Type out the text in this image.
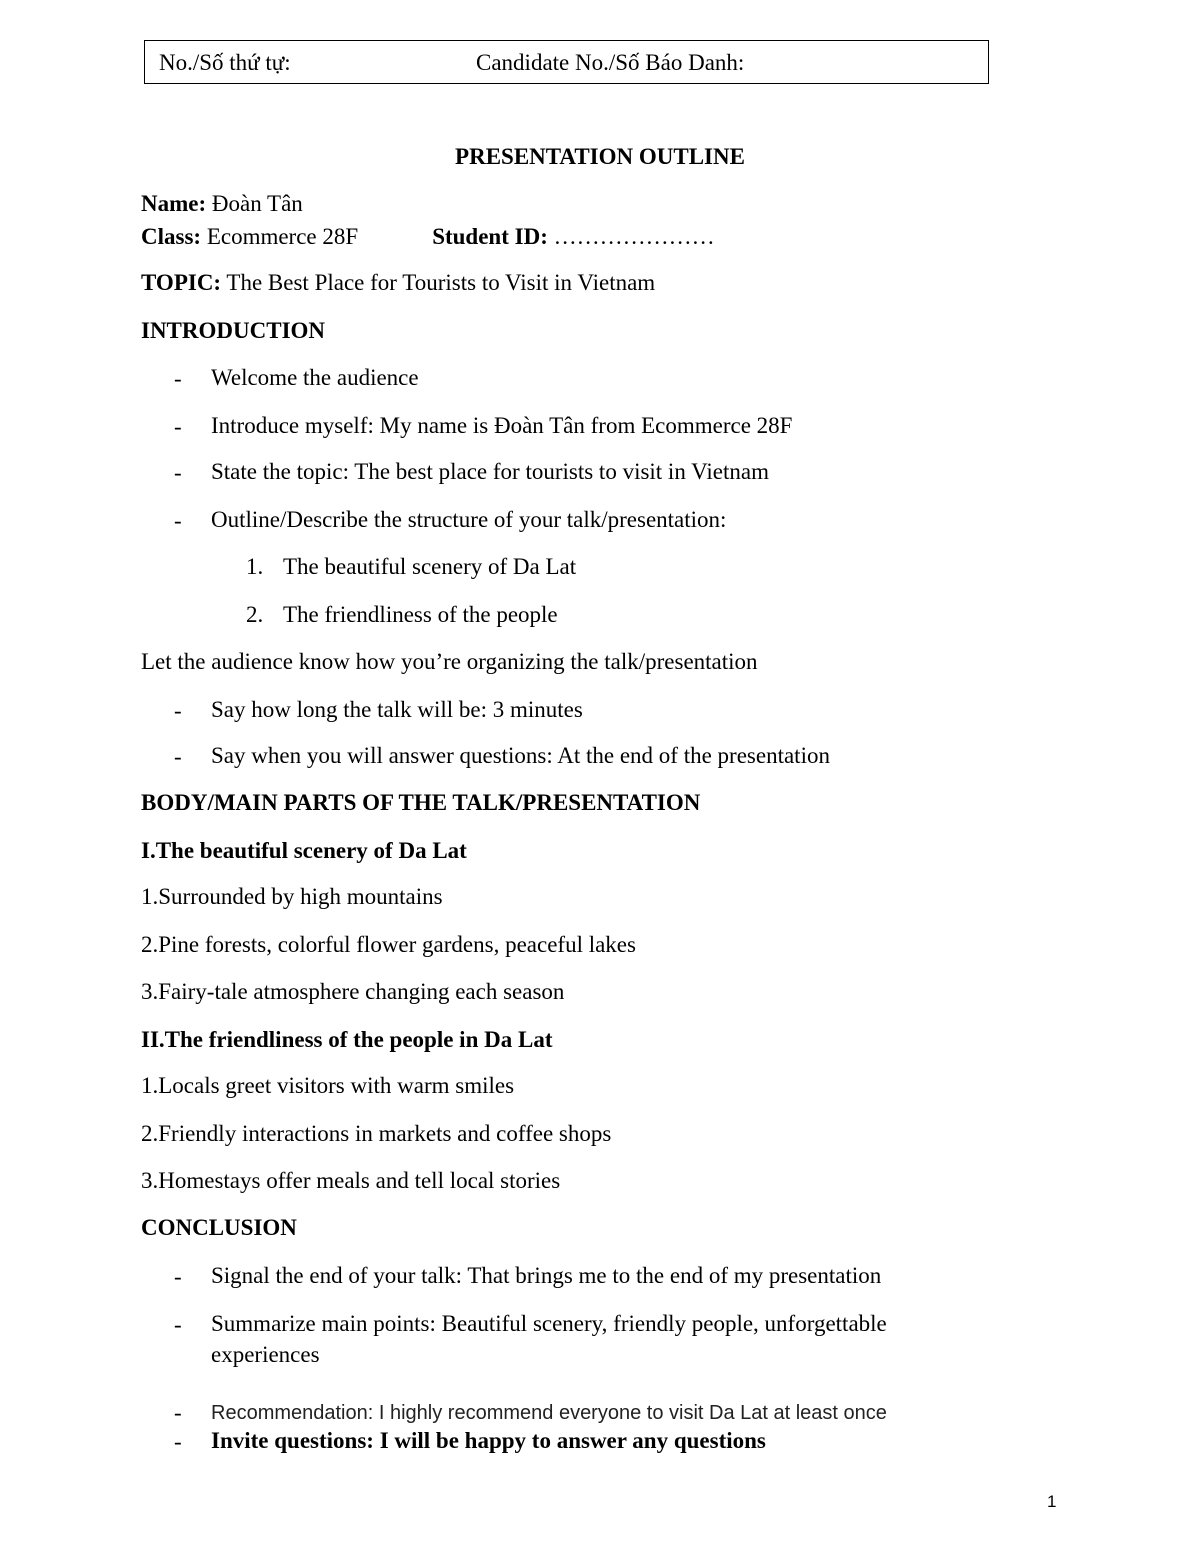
No./Số thứ tự:	Candidate No./Số Báo Danh:
PRESENTATION OUTLINE
Name: Đoàn Tân
Class: Ecommerce 28F	Student ID: …………………
TOPIC: The Best Place for Tourists to Visit in Vietnam
INTRODUCTION
- Welcome the audience
- Introduce myself: My name is Đoàn Tân from Ecommerce 28F
- State the topic: The best place for tourists to visit in Vietnam
- Outline/Describe the structure of your talk/presentation:
1. The beautiful scenery of Da Lat
2. The friendliness of the people
Let the audience know how you’re organizing the talk/presentation
- Say how long the talk will be: 3 minutes
- Say when you will answer questions: At the end of the presentation
BODY/MAIN PARTS OF THE TALK/PRESENTATION
I.The beautiful scenery of Da Lat
1.Surrounded by high mountains
2.Pine forests, colorful flower gardens, peaceful lakes
3.Fairy-tale atmosphere changing each season
II.The friendliness of the people in Da Lat
1.Locals greet visitors with warm smiles
2.Friendly interactions in markets and coffee shops
3.Homestays offer meals and tell local stories
CONCLUSION
- Signal the end of your talk: That brings me to the end of my presentation
- Summarize main points: Beautiful scenery, friendly people, unforgettable
experiences
- Recommendation: I highly recommend everyone to visit Da Lat at least once
- Invite questions: I will be happy to answer any questions
1
